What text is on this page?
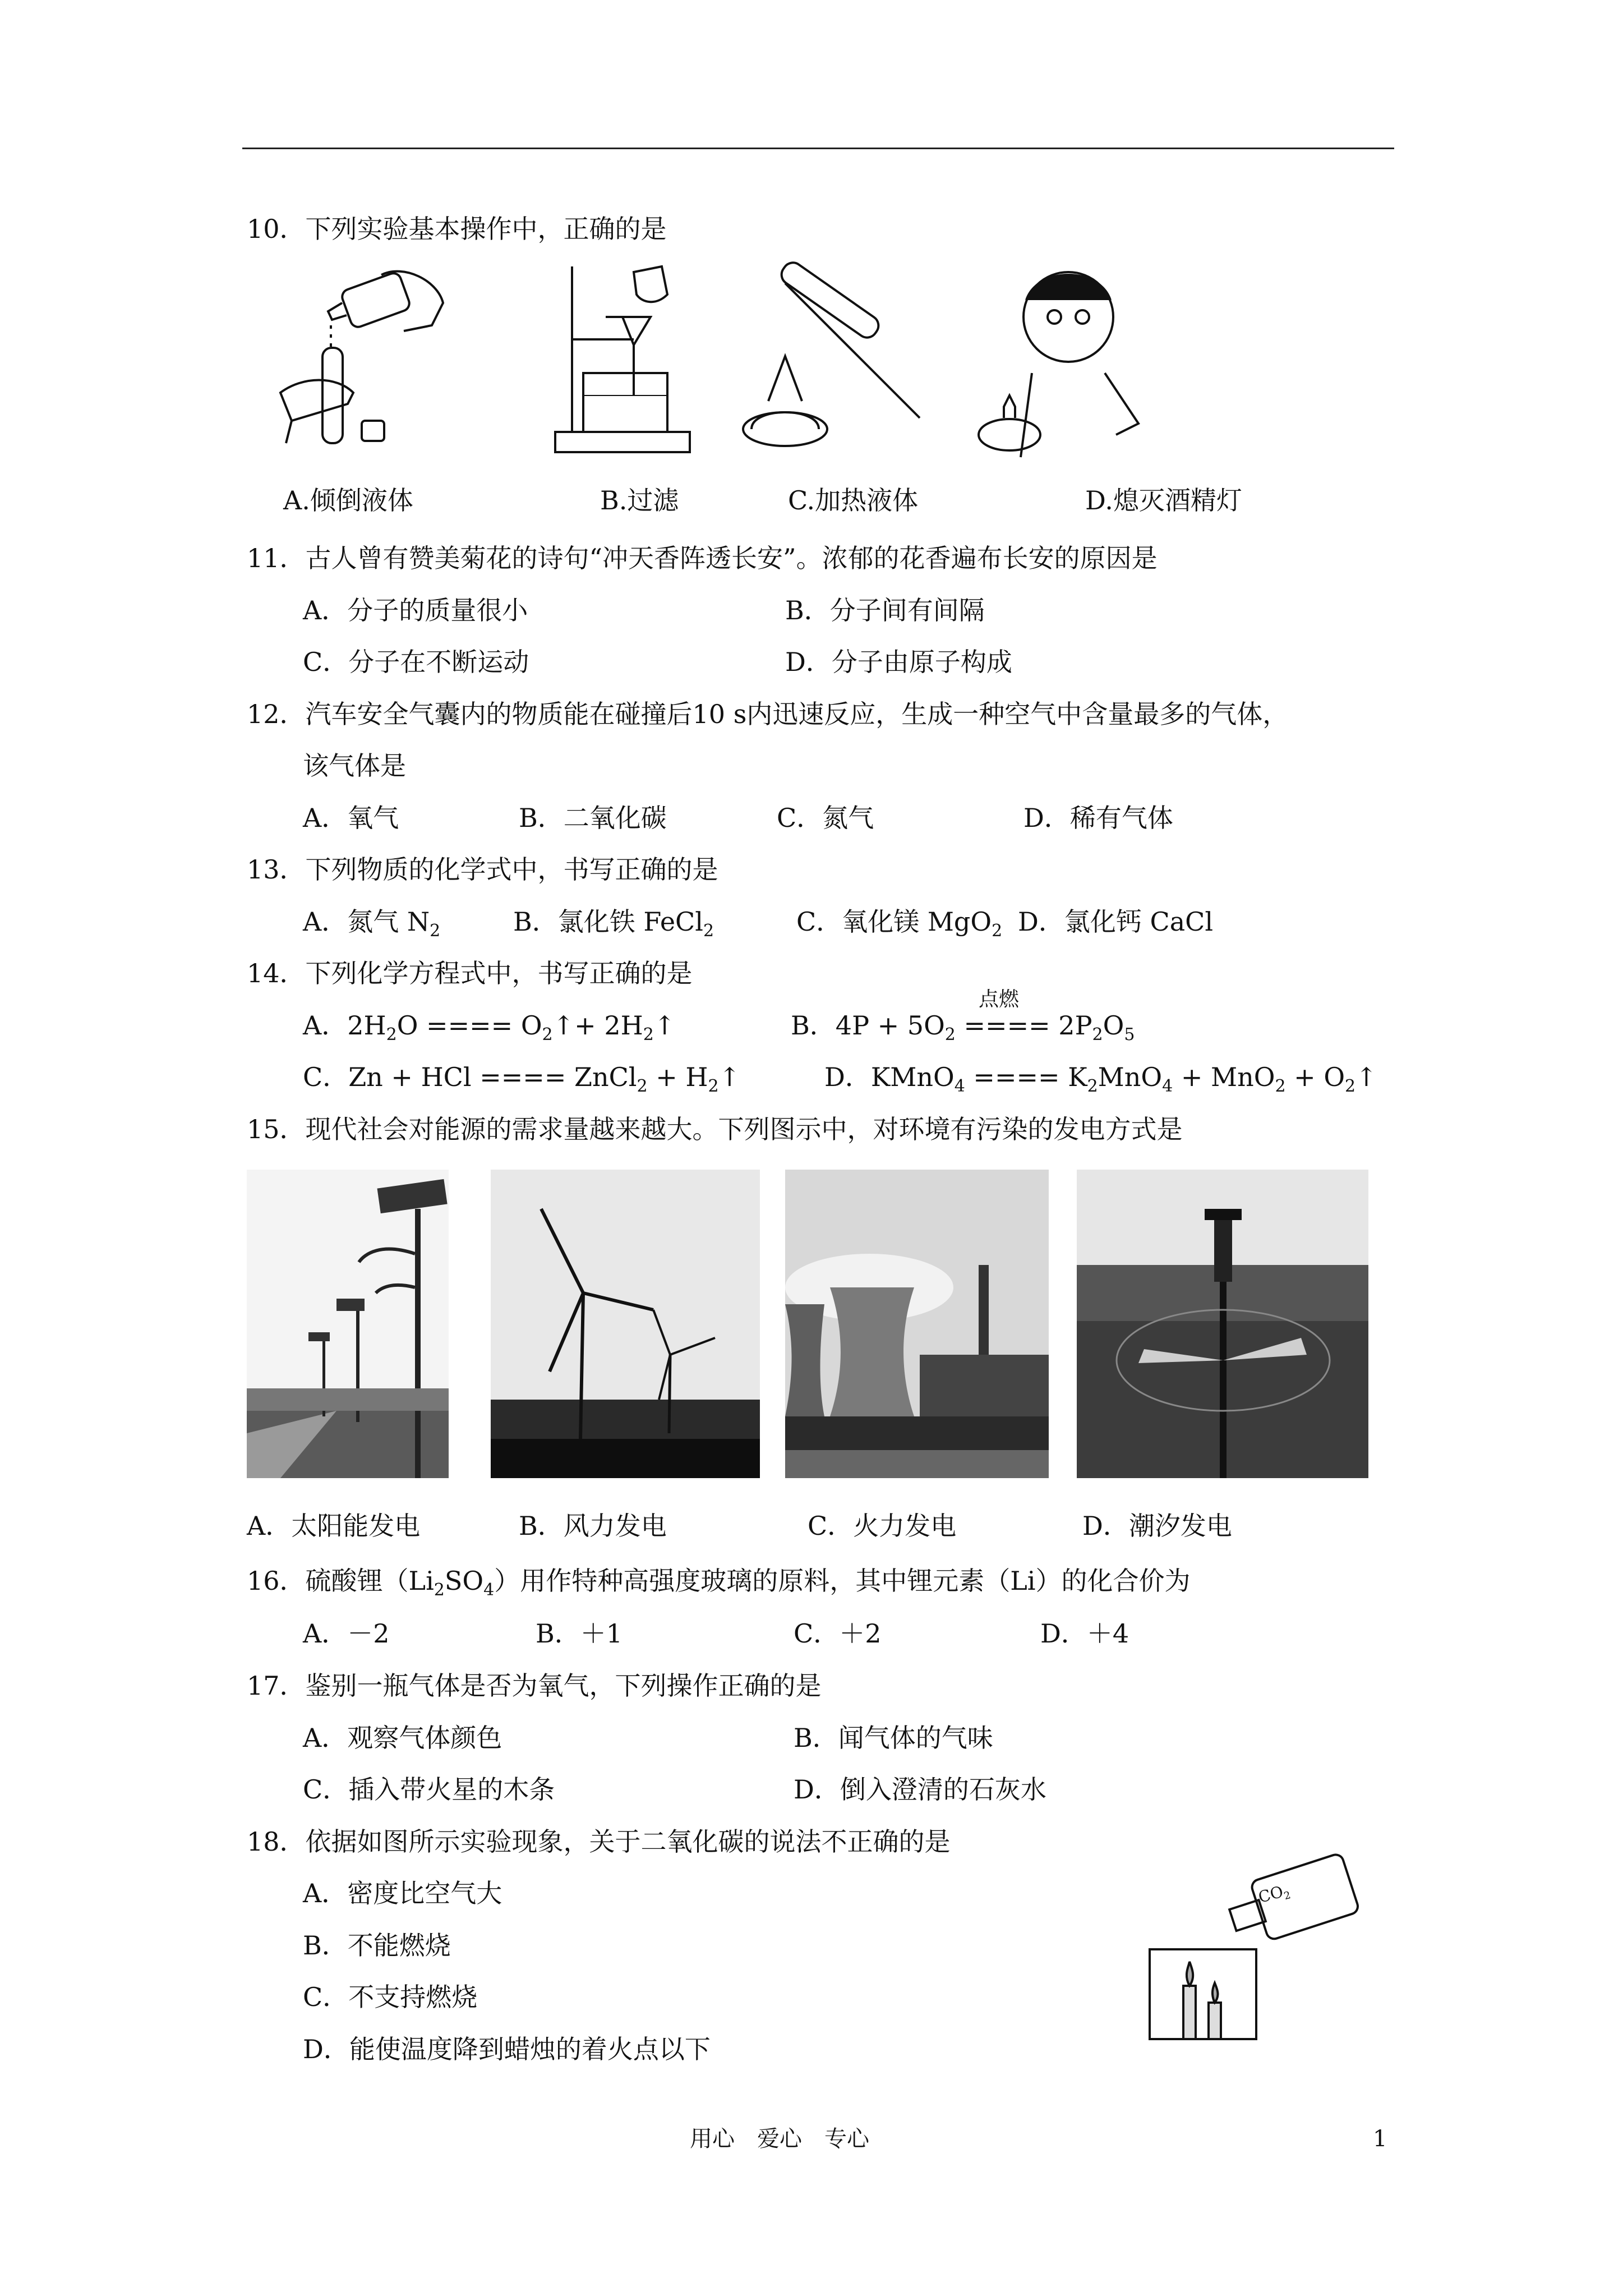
10．下列实验基本操作中，正确的是
A.倾倒液体	B.过滤	C.加热液体	D.熄灭酒精灯
11．古人曾有赞美菊花的诗句“冲天香阵透长安”。浓郁的花香遍布长安的原因是
A．分子的质量很小	B．分子间有间隔
C．分子在不断运动	D．分子由原子构成
12．汽车安全气囊内的物质能在碰撞后10 s内迅速反应，生成一种空气中含量最多的气体，
该气体是
A．氧气	B．二氧化碳	C．氮气	D．稀有气体
13．下列物质的化学式中，书写正确的是
A．氮气 $N_2$	B．氯化铁 FeCl$_2$	C．氧化镁 MgO$_2$ D．氯化钙 CaCl
14．下列化学方程式中，书写正确的是
A．$2H_2O$ ==== $O_2↑+$ $2H_2↑$
点燃
B．$4P + 5O_2$ ==== $2P_2O_5$
C．Zn + HCl ==== ZnCl$_2$ + $H_2↑$	D．KMnO$_4$ ==== $K_2MnO_4 + MnO_2$ + $O_2↑$
15．现代社会对能源的需求量越来越大。下列图示中，对环境有污染的发电方式是
A．太阳能发电	B．风力发电	C．火力发电	D．潮汐发电
16．硫酸锂$(Li_2SO_4)$用作特种高强度玻璃的原料，其中锂元素（Li）的化合价为
A．－2	B．＋1	C．＋2	D．＋4
17．鉴别一瓶气体是否为氧气，下列操作正确的是
A．观察气体颜色	B．闻气体的气味
C．插入带火星的木条	D．倒入澄清的石灰水
18．依据如图所示实验现象，关于二氧化碳的说法不正确的是
A．密度比空气大
B．不能燃烧
C．不支持燃烧
D．能使温度降到蜡烛的着火点以下
$CO_2$
用心　爱心　专心	1
